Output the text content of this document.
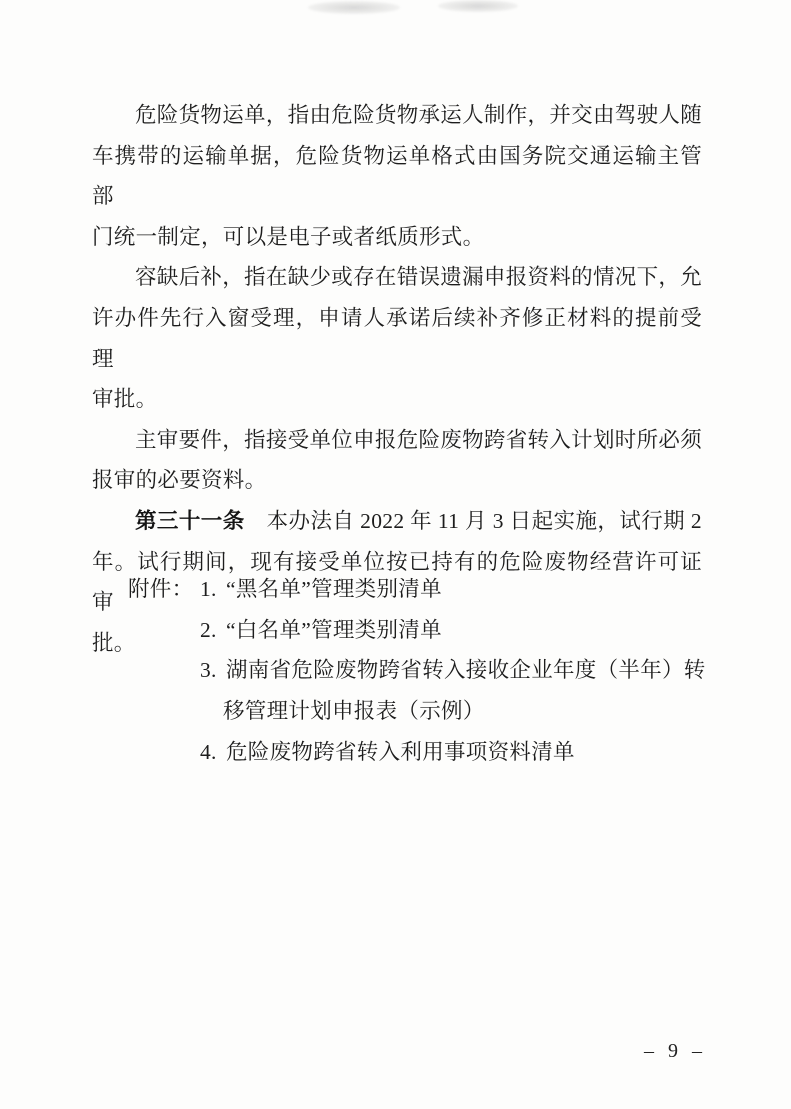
危险货物运单，指由危险货物承运人制作，并交由驾驶人随

车携带的运输单据，危险货物运单格式由国务院交通运输主管部

门统一制定，可以是电子或者纸质形式。

容缺后补，指在缺少或存在错误遗漏申报资料的情况下，允

许办件先行入窗受理，申请人承诺后续补齐修正材料的提前受理

审批。

主审要件，指接受单位申报危险废物跨省转入计划时所必须

报审的必要资料。

第三十一条　本办法自 2022 年 11 月 3 日起实施，试行期 2

年。试行期间，现有接受单位按已持有的危险废物经营许可证审

批。

附件： 1. “黑名单”管理类别清单

2. “白名单”管理类别清单

3. 湖南省危险废物跨省转入接收企业年度（半年）转

移管理计划申报表（示例）

4. 危险废物跨省转入利用事项资料清单

– 9 –
